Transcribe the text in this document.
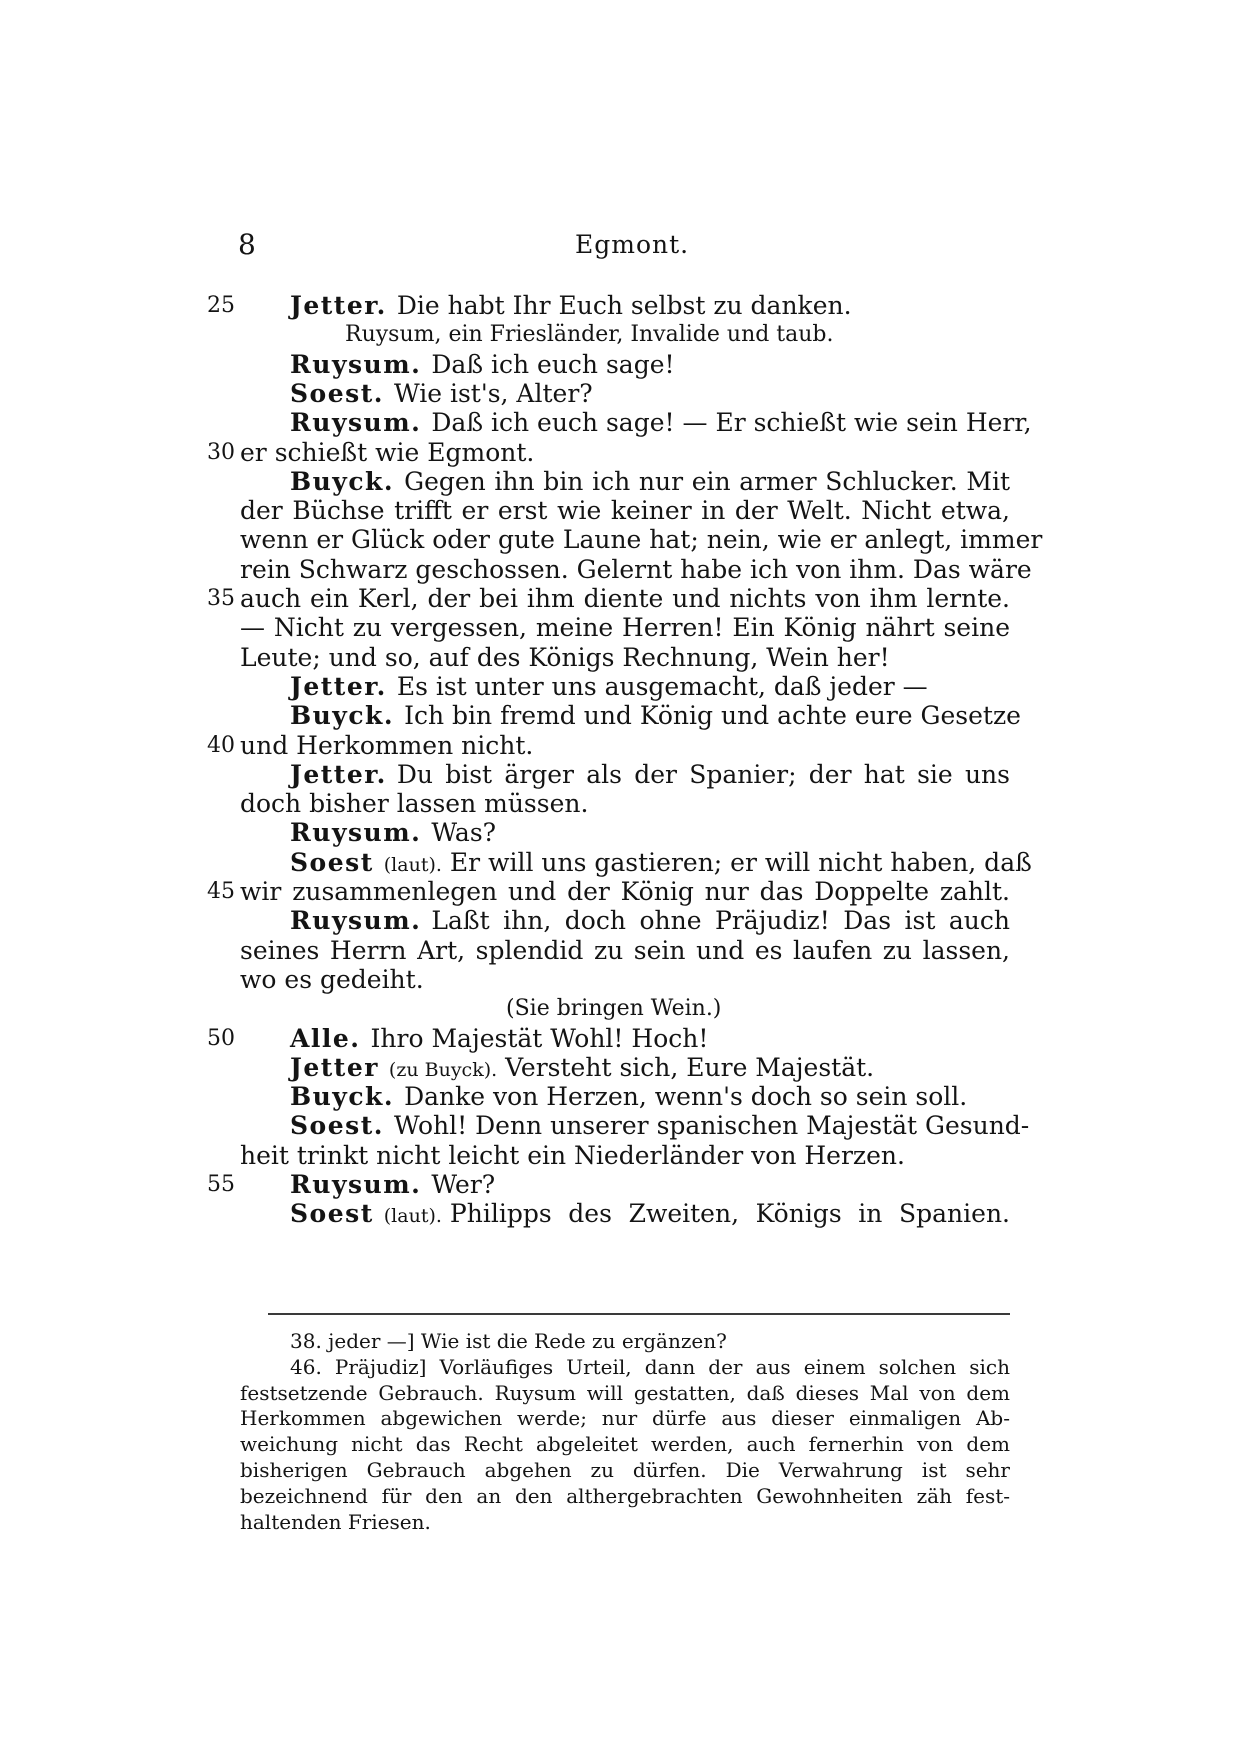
8	Egmont.
25 Jetter. Die habt Ihr Euch selbst zu danken.
Ruysum, ein Friesländer, Invalide und taub.
Ruysum. Daß ich euch sage!
Soest. Wie ist's, Alter?
Ruysum. Daß ich euch sage! — Er schießt wie sein Herr,
30 er schießt wie Egmont.
Buyck. Gegen ihn bin ich nur ein armer Schlucker. Mit
der Büchse trifft er erst wie keiner in der Welt. Nicht etwa,
wenn er Glück oder gute Laune hat; nein, wie er anlegt, immer
rein Schwarz geschossen. Gelernt habe ich von ihm. Das wäre
35 auch ein Kerl, der bei ihm diente und nichts von ihm lernte.
— Nicht zu vergessen, meine Herren! Ein König nährt seine
Leute; und so, auf des Königs Rechnung, Wein her!
Jetter. Es ist unter uns ausgemacht, daß jeder —
Buyck. Ich bin fremd und König und achte eure Gesetze
40 und Herkommen nicht.
Jetter. Du bist ärger als der Spanier; der hat sie uns
doch bisher lassen müssen.
Ruysum. Was?
Soest (laut). Er will uns gastieren; er will nicht haben, daß
45 wir zusammenlegen und der König nur das Doppelte zahlt.
Ruysum. Laßt ihn, doch ohne Präjudiz! Das ist auch
seines Herrn Art, splendid zu sein und es laufen zu lassen,
wo es gedeiht.
(Sie bringen Wein.)
50 Alle. Ihro Majestät Wohl! Hoch!
Jetter (zu Buyck). Versteht sich, Eure Majestät.
Buyck. Danke von Herzen, wenn's doch so sein soll.
Soest. Wohl! Denn unserer spanischen Majestät Gesund-
heit trinkt nicht leicht ein Niederländer von Herzen.
55 Ruysum. Wer?
Soest (laut). Philipps des Zweiten, Königs in Spanien.
38. jeder —] Wie ist die Rede zu ergänzen?
46. Präjudiz] Vorläufiges Urteil, dann der aus einem solchen sich
festsetzende Gebrauch. Ruysum will gestatten, daß dieses Mal von dem
Herkommen abgewichen werde; nur dürfe aus dieser einmaligen Ab-
weichung nicht das Recht abgeleitet werden, auch fernerhin von dem
bisherigen Gebrauch abgehen zu dürfen. Die Verwahrung ist sehr
bezeichnend für den an den althergebrachten Gewohnheiten zäh fest-
haltenden Friesen.
